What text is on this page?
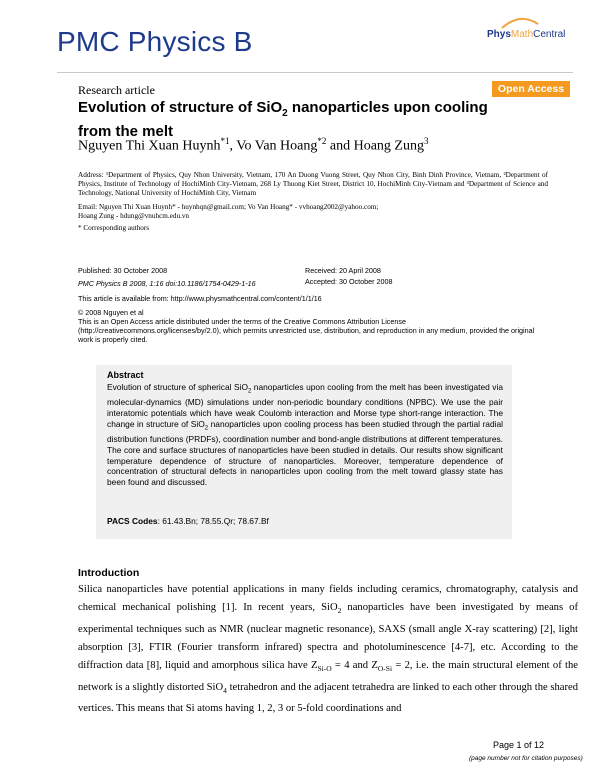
PMC Physics B	PhysMathCentral
Research article	Open Access
Evolution of structure of SiO$_2$ nanoparticles upon cooling
from the melt
Nguyen Thi Xuan Huynh$^{*1}$, Vo Van Hoang$^{*2}$ and Hoang Zung$^3$
Address: ¹Department of Physics, Quy Nhon University, Vietnam, 170 An Duong Vuong Street, Quy Nhon City, Binh Dinh Province, Vietnam, ²Department of Physics, Institute of Technology of HochiMinh City-Vietnam, 268 Ly Thuong Kiet Street, District 10, HochiMinh City-Vietnam and ³Department of Science and Technology, National University of HochiMinh City, Vietnam
Email: Nguyen Thi Xuan Huynh* - huynhqn@gmail.com; Vo Van Hoang* - vvhoang2002@yahoo.com;
Hoang Zung - hdung@vnuhcm.edu.vn
* Corresponding authors
Published: 30 October 2008	Received: 20 April 2008
PMC Physics B 2008, 1:16 doi:10.1186/1754-0429-1-16	Accepted: 30 October 2008
This article is available from: http://www.physmathcentral.com/content/1/1/16
© 2008 Nguyen et al
This is an Open Access article distributed under the terms of the Creative Commons Attribution License (http://creativecommons.org/licenses/by/2.0), which permits unrestricted use, distribution, and reproduction in any medium, provided the original work is properly cited.
Abstract
Evolution of structure of spherical SiO$_2$ nanoparticles upon cooling from the melt has been investigated via molecular-dynamics (MD) simulations under non-periodic boundary conditions (NPBC). We use the pair interatomic potentials which have weak Coulomb interaction and Morse type short-range interaction. The change in structure of SiO$_2$ nanoparticles upon cooling process has been studied through the partial radial distribution functions (PRDFs), coordination number and bond-angle distributions at different temperatures. The core and surface structures of nanoparticles have been studied in details. Our results show significant temperature dependence of structure of nanoparticles. Moreover, temperature dependence of concentration of structural defects in nanoparticles upon cooling from the melt toward glassy state has been found and discussed.
PACS Codes: 61.43.Bn; 78.55.Qr; 78.67.Bf
Introduction
Silica nanoparticles have potential applications in many fields including ceramics, chromatography, catalysis and chemical mechanical polishing [1]. In recent years, SiO$_2$ nanoparticles have been investigated by means of experimental techniques such as NMR (nuclear magnetic resonance), SAXS (small angle X-ray scattering) [2], light absorption [3], FTIR (Fourier transform infrared) spectra and photoluminescence [4-7], etc. According to the diffraction data [8], liquid and amorphous silica have $Z_{Si-O} = 4$ and $Z_{O-Si} = 2$, i.e. the main structural element of the network is a slightly distorted SiO$_4$ tetrahedron and the adjacent tetrahedra are linked to each other through the shared vertices. This means that Si atoms having 1, 2, 3 or 5-fold coordinations and
Page 1 of 12
(page number not for citation purposes)
